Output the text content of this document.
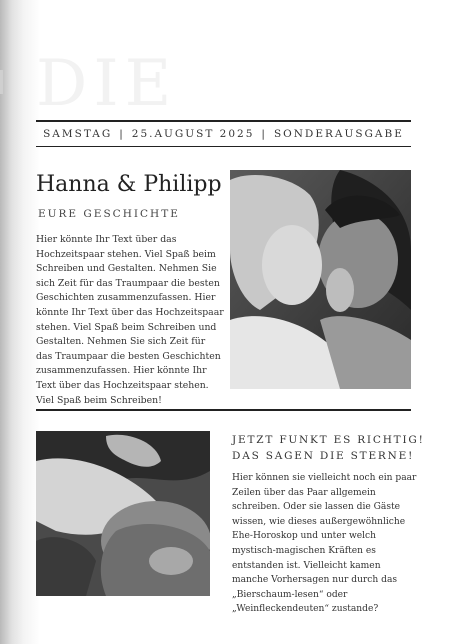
DIE
SAMSTAG | 25.AUGUST 2025 | SONDERAUSGABE
Hanna & Philipp
EURE GESCHICHTE

Hier könnte Ihr Text über das Hochzeitspaar stehen. Viel Spaß beim Schreiben und Gestalten. Nehmen Sie sich Zeit für das Traumpaar die besten Geschichten zusammenzufassen. Hier könnte Ihr Text über das Hochzeitspaar stehen. Viel Spaß beim Schreiben und Gestalten. Nehmen Sie sich Zeit für das Traumpaar die besten Geschichten zusammenzufassen. Hier könnte Ihr Text über das Hochzeitspaar stehen. Viel Spaß beim Schreiben!

JETZT FUNKT ES RICHTIG!
DAS SAGEN DIE STERNE!

Hier können sie vielleicht noch ein paar Zeilen über das Paar allgemein schreiben. Oder sie lassen die Gäste wissen, wie dieses außergewöhnliche Ehe-Horoskop und unter welch mystisch-magischen Kräften es entstanden ist. Vielleicht kamen manche Vorhersagen nur durch das „Bierschaum-lesen“ oder „Weinfleckendeuten“ zustande?
